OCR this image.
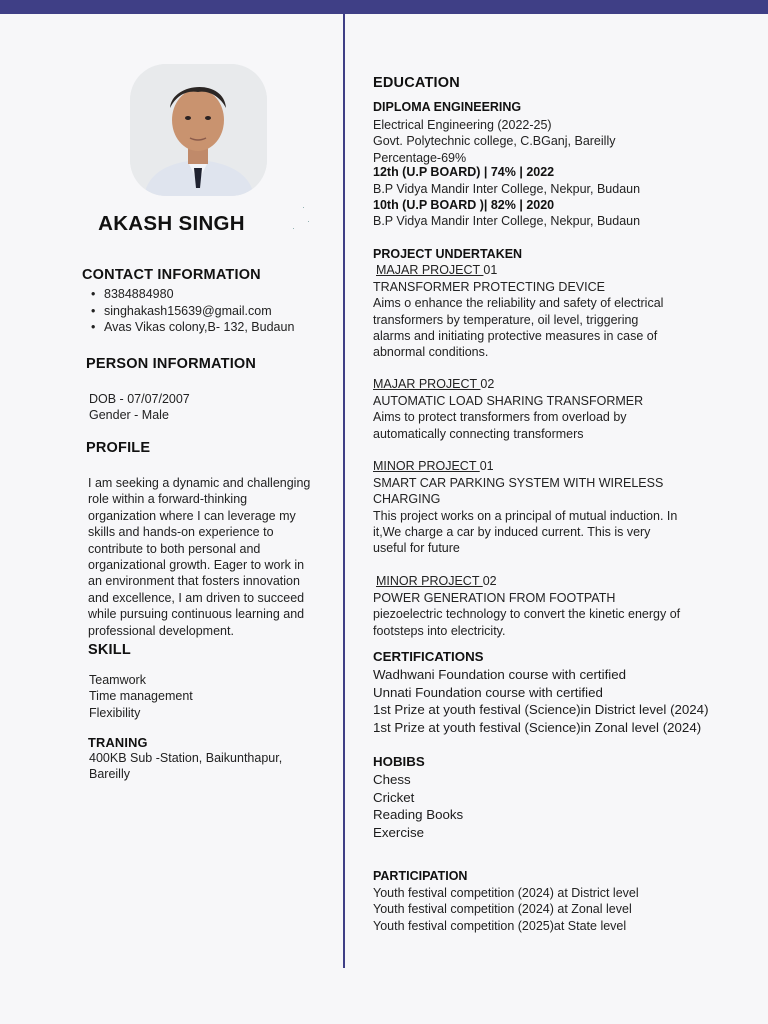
AKASH SINGH
·
·
·
CONTACT INFORMATION
• 8384884980
• singhakash15639@gmail.com
• Avas Vikas colony,B- 132, Budaun
PERSON INFORMATION
DOB - 07/07/2007
Gender - Male
PROFILE
I am seeking a dynamic and challenging
role within a forward-thinking
organization where I can leverage my
skills and hands-on experience to
contribute to both personal and
organizational growth. Eager to work in
an environment that fosters innovation
and excellence, I am driven to succeed
while pursuing continuous learning and
professional development.
SKILL
Teamwork
Time management
Flexibility
TRANING
400KB Sub -Station, Baikunthapur,
Bareilly
EDUCATION
DIPLOMA ENGINEERING
Electrical Engineering (2022-25)
Govt. Polytechnic college, C.BGanj, Bareilly
Percentage-69%
12th (U.P BOARD) | 74% | 2022
B.P Vidya Mandir Inter College, Nekpur, Budaun
10th (U.P BOARD )| 82% | 2020
B.P Vidya Mandir Inter College, Nekpur, Budaun
PROJECT UNDERTAKEN
MAJAR PROJECT 01
TRANSFORMER PROTECTING DEVICE
Aims o enhance the reliability and safety of electrical
transformers by temperature, oil level, triggering
alarms and initiating protective measures in case of
abnormal conditions.
MAJAR PROJECT 02
AUTOMATIC LOAD SHARING TRANSFORMER
Aims to protect transformers from overload by
automatically connecting transformers
MINOR PROJECT 01
SMART CAR PARKING SYSTEM WITH WIRELESS
CHARGING
This project works on a principal of mutual induction. In
it,We charge a car by induced current. This is very
useful for future
MINOR PROJECT 02
POWER GENERATION FROM FOOTPATH
piezoelectric technology to convert the kinetic energy of
footsteps into electricity.
CERTIFICATIONS
Wadhwani Foundation course with certified
Unnati Foundation course with certified
1st Prize at youth festival (Science)in District level (2024)
1st Prize at youth festival (Science)in Zonal level (2024)
HOBIBS
Chess
Cricket
Reading Books
Exercise
PARTICIPATION
Youth festival competition (2024) at District level
Youth festival competition (2024) at Zonal level
Youth festival competition (2025)at State level
